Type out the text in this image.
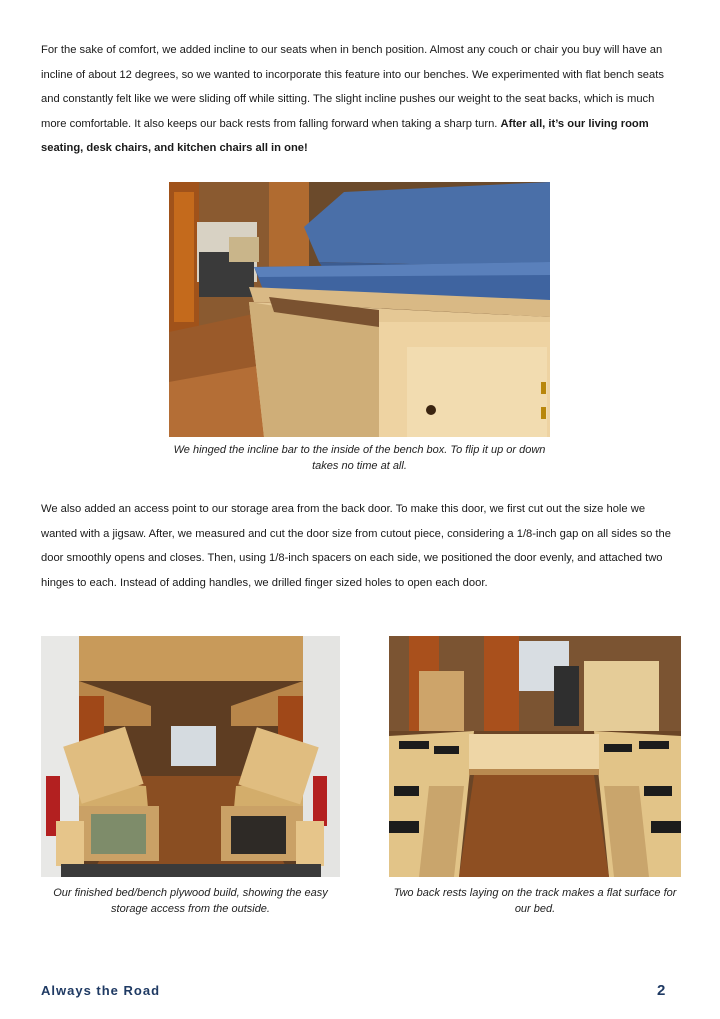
For the sake of comfort, we added incline to our seats when in bench position. Almost any couch or chair you buy will have an incline of about 12 degrees, so we wanted to incorporate this feature into our benches. We experimented with flat bench seats and constantly felt like we were sliding off while sitting. The slight incline pushes our weight to the seat backs, which is much more comfortable. It also keeps our back rests from falling forward when taking a sharp turn. After all, it’s our living room seating, desk chairs, and kitchen chairs all in one!
We hinged the incline bar to the inside of the bench box. To flip it up or down takes no time at all.
We also added an access point to our storage area from the back door. To make this door, we first cut out the size hole we wanted with a jigsaw. After, we measured and cut the door size from cutout piece, considering a 1/8-inch gap on all sides so the door smoothly opens and closes. Then, using 1/8-inch spacers on each side, we positioned the door evenly, and attached two hinges to each. Instead of adding handles, we drilled finger sized holes to open each door.
Our finished bed/bench plywood build, showing the easy storage access from the outside.
Two back rests laying on the track makes a flat surface for our bed.
Always the Road	2
